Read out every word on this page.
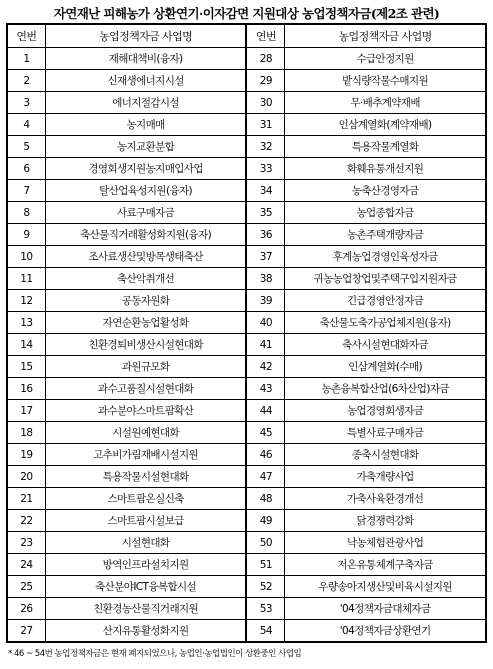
자연재난 피해농가 상환연기·이자감면 지원대상 농업정책자금(제2조 관련)
연번	농업정책자금 사업명	연번	농업정책자금 사업명
1	재해대책비(융자)	28	수급안정지원
2	신재생에너지시설	29	밭식량작물수매지원
3	에너지절감시설	30	무·배추계약재배
4	농지매매	31	인삼계열화(계약재배)
5	농지교환분합	32	특용작물계열화
6	경영회생지원농지매입사업	33	화훼유통개선지원
7	탈산업육성지원(융자)	34	농축산경영자금
8	사료구매자금	35	농업종합자금
9	축산물직거래활성화지원(융자)	36	농촌주택개량자금
10	조사료생산및방목생태축산	37	후계농업경영인육성자금
11	축산악취개선	38	귀농농업창업및주택구입지원자금
12	공동자원화	39	긴급경영안정자금
13	자연순환농업활성화	40	축산물도축가공업체지원(융자)
14	친환경퇴비생산시설현대화	41	축사시설현대화자금
15	과원규모화	42	인삼계열화(수매)
16	과수고품질시설현대화	43	농촌융복합산업(6차산업)자금
17	과수분야스마트팜확산	44	농업경영회생자금
18	시설원예현대화	45	특별사료구매자금
19	고추비가림재배시설지원	46	종축시설현대화
20	특용작물시설현대화	47	가축개량사업
21	스마트팜온실신축	48	가축사육환경개선
22	스마트팜시설보급	49	닭경쟁력강화
23	시설현대화	50	낙농체험관광사업
24	방역인프라설치지원	51	저온유통체계구축자금
25	축산분야ICT융복합시설	52	우량송아지생산및비육시설지원
26	친환경농산물직거래지원	53	'04정책자금대체자금
27	산지유통활성화지원	54	'04정책자금상환연기
* 46 ~ 54번 농업정책자금은 현재 폐지되었으나, 농업인·농업법인이 상환중인 사업임
